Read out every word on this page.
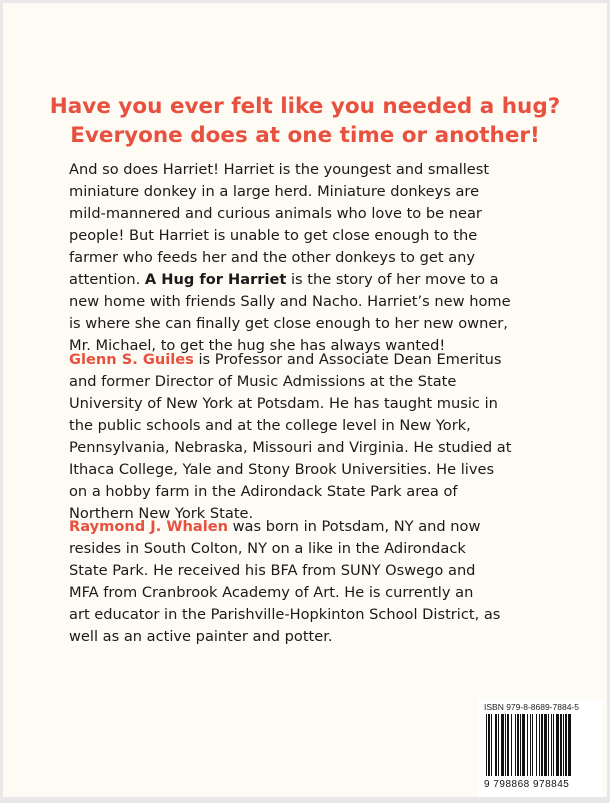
Have you ever felt like you needed a hug?
Everyone does at one time or another!
And so does Harriet! Harriet is the youngest and smallest
miniature donkey in a large herd. Miniature donkeys are
mild-mannered and curious animals who love to be near
people! But Harriet is unable to get close enough to the
farmer who feeds her and the other donkeys to get any
attention. A Hug for Harriet is the story of her move to a
new home with friends Sally and Nacho. Harriet’s new home
is where she can finally get close enough to her new owner,
Mr. Michael, to get the hug she has always wanted!
Glenn S. Guiles is Professor and Associate Dean Emeritus
and former Director of Music Admissions at the State
University of New York at Potsdam. He has taught music in
the public schools and at the college level in New York,
Pennsylvania, Nebraska, Missouri and Virginia. He studied at
Ithaca College, Yale and Stony Brook Universities. He lives
on a hobby farm in the Adirondack State Park area of
Northern New York State.
Raymond J. Whalen was born in Potsdam, NY and now
resides in South Colton, NY on a like in the Adirondack
State Park. He received his BFA from SUNY Oswego and
MFA from Cranbrook Academy of Art. He is currently an
art educator in the Parishville-Hopkinton School District, as
well as an active painter and potter.
ISBN 979-8-8689-7884-5
9 798868 978845
